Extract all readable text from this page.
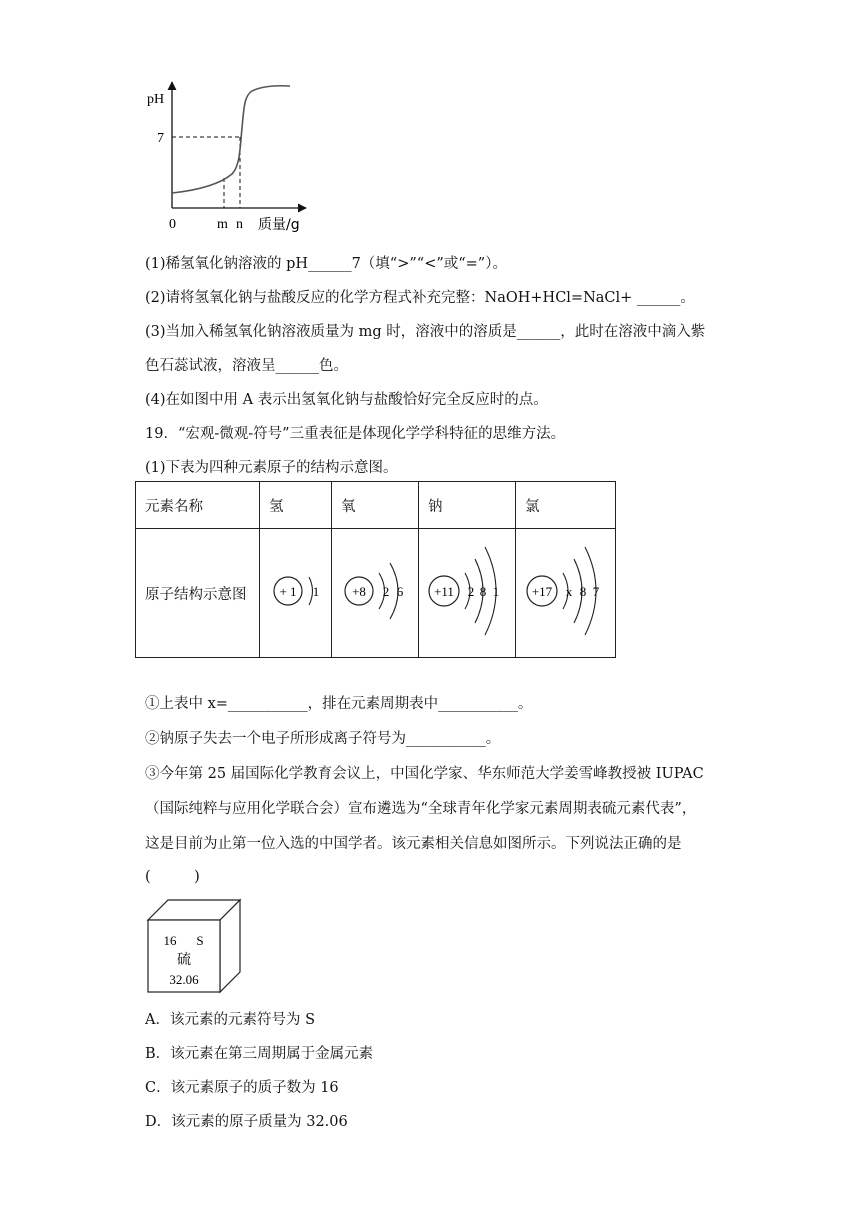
pH
7
0	m n 质量/g
(1)稀氢氧化钠溶液的 pH______7（填“>”“<”或“=”）。
(2)请将氢氧化钠与盐酸反应的化学方程式补充完整：NaOH+HCl=NaCl+ ______。
(3)当加入稀氢氧化钠溶液质量为 mg 时，溶液中的溶质是______，此时在溶液中滴入紫
色石蕊试液，溶液呈______色。
(4)在如图中用 A 表示出氢氧化钠与盐酸恰好完全反应时的点。
19．“宏观-微观-符号”三重表征是体现化学学科特征的思维方法。
(1)下表为四种元素原子的结构示意图。
元素名称	氢	氧	钠	氯
原子结构示意图	+ 1 1	+8 2 6	+11 2 8 1	+17 x 8 7
①上表中 x=___________，排在元素周期表中___________。
②钠原子失去一个电子所形成离子符号为___________。
③今年第 25 届国际化学教育会议上，中国化学家、华东师范大学姜雪峰教授被 IUPAC
（国际纯粹与应用化学联合会）宣布遴选为“全球青年化学家元素周期表硫元素代表”，
这是目前为止第一位入选的中国学者。该元素相关信息如图所示。下列说法正确的是
(　　　)
16 S
硫
32.06
A．该元素的元素符号为 S
B．该元素在第三周期属于金属元素
C．该元素原子的质子数为 16
D．该元素的原子质量为 32.06
